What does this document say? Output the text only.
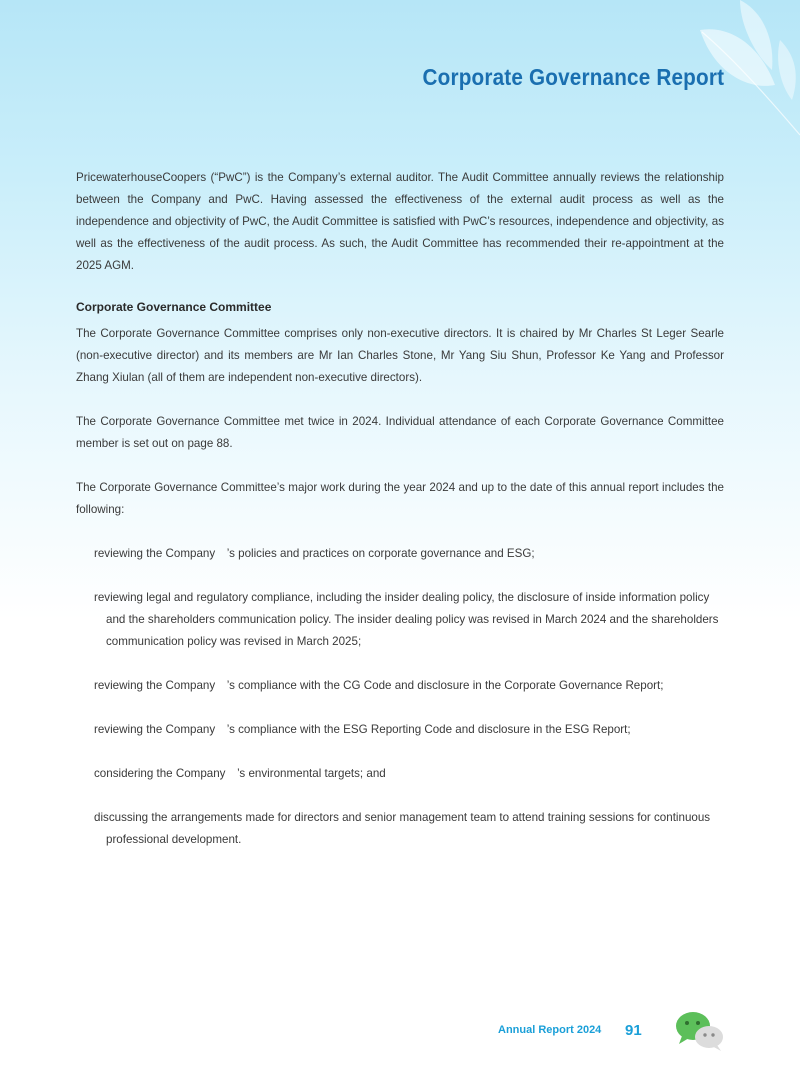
Corporate Governance Report

PricewaterhouseCoopers (“PwC”) is the Company’s external auditor. The Audit Committee annually reviews the relationship between the Company and PwC. Having assessed the effectiveness of the external audit process as well as the independence and objectivity of PwC, the Audit Committee is satisfied with PwC’s resources, independence and objectivity, as well as the effectiveness of the audit process. As such, the Audit Committee has recommended their re-appointment at the 2025 AGM.

Corporate Governance Committee

The Corporate Governance Committee comprises only non-executive directors. It is chaired by Mr Charles St Leger Searle (non-executive director) and its members are Mr Ian Charles Stone, Mr Yang Siu Shun, Professor Ke Yang and Professor Zhang Xiulan (all of them are independent non-executive directors).

The Corporate Governance Committee met twice in 2024. Individual attendance of each Corporate Governance Committee member is set out on page 88.

The Corporate Governance Committee’s major work during the year 2024 and up to the date of this annual report includes the following:

reviewing the Company　’s policies and practices on corporate governance and ESG;
reviewing legal and regulatory compliance, including the insider dealing policy, the disclosure of inside information policy and the shareholders communication policy. The insider dealing policy was revised in March 2024 and the shareholders communication policy was revised in March 2025;
reviewing the Company　’s compliance with the CG Code and disclosure in the Corporate Governance Report;
reviewing the Company　’s compliance with the ESG Reporting Code and disclosure in the ESG Report;
considering the Company　’s environmental targets; and
discussing the arrangements made for directors and senior management team to attend training sessions for continuous professional development.
Annual Report 2024 91
